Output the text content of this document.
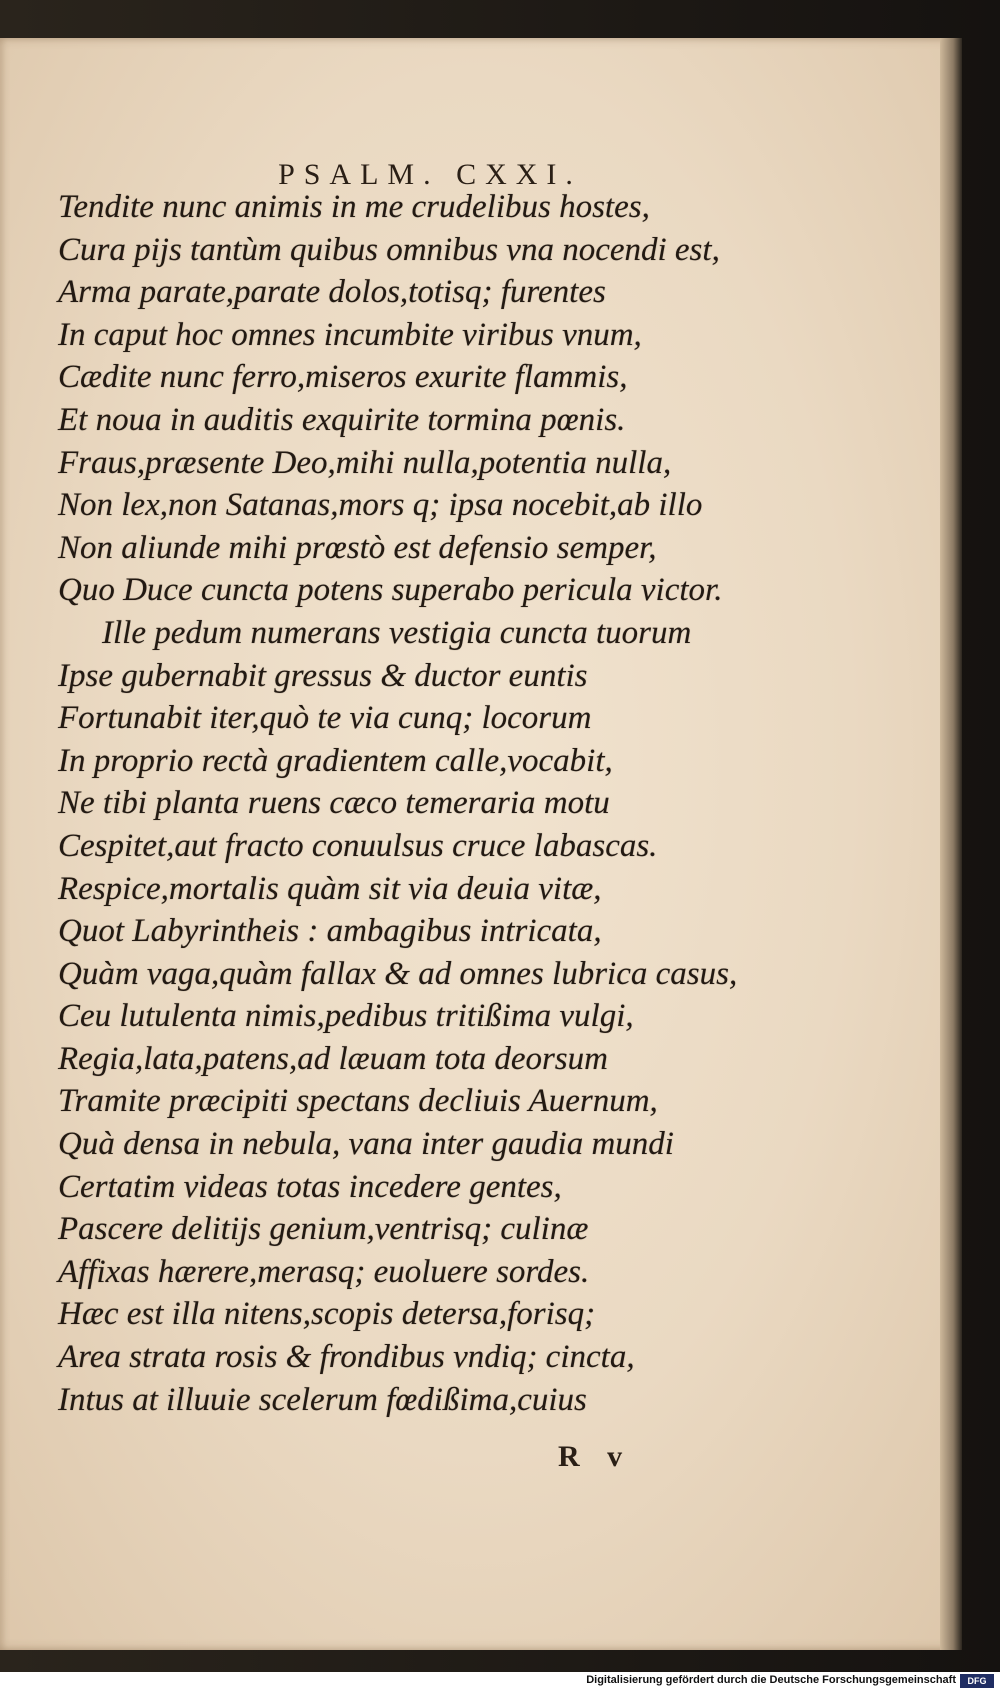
PSALM. CXXI.
Tendite nunc animis in me crudelibus hostes,
Cura pijs tantùm quibus omnibus vna nocendi est,
Arma parate,parate dolos,totisq; furentes
In caput hoc omnes incumbite viribus vnum,
Cædite nunc ferro,miseros exurite flammis,
Et noua in auditis exquirite tormina pœnis.
Fraus,præsente Deo,mihi nulla,potentia nulla,
Non lex,non Satanas,mors q; ipsa nocebit,ab illo
Non aliunde mihi prœstò est defensio semper,
Quo Duce cuncta potens superabo pericula victor.
Ille pedum numerans vestigia cuncta tuorum
Ipse gubernabit gressus & ductor euntis
Fortunabit iter,quò te via cunq; locorum
In proprio rectà gradientem calle,vocabit,
Ne tibi planta ruens cæco temeraria motu
Cespitet,aut fracto conuulsus cruce labascas.
Respice,mortalis quàm sit via deuia vitæ,
Quot Labyrintheis : ambagibus intricata,
Quàm vaga,quàm fallax & ad omnes lubrica casus,
Ceu lutulenta nimis,pedibus tritißima vulgi,
Regia,lata,patens,ad læuam tota deorsum
Tramite præcipiti spectans decliuis Auernum,
Quà densa in nebula, vana inter gaudia mundi
Certatim videas totas incedere gentes,
Pascere delitijs genium,ventrisq; culinæ
Affixas hærere,merasq; euoluere sordes.
Hæc est illa nitens,scopis detersa,forisq;
Area strata rosis & frondibus vndiq; cincta,
Intus at illuuie scelerum fœdißima,cuius
R v
Digitalisierung gefördert durch die Deutsche Forschungsgemeinschaft	DFG
